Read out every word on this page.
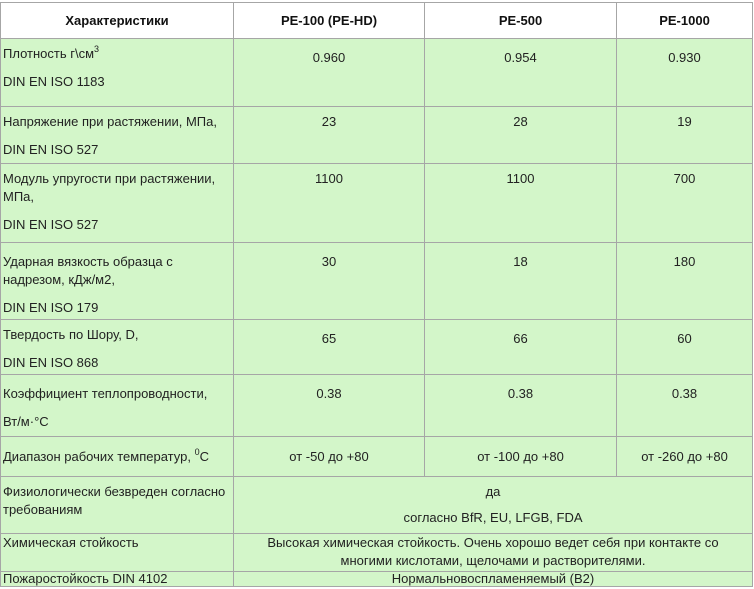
Характеристики	PE-100 (PE-HD)	PE-500	PE-1000

Плотность $г\backslash см^3$
DIN EN ISO 1183	0.960	0.954	0.930

Напряжение при растяжении, МПа,
DIN EN ISO 527	23	28	19

Модуль упругости при растяжении, МПа,
DIN EN ISO 527	1100	1100	700

Ударная вязкость образца с надрезом, кДж/м2,
DIN EN ISO 179	30	18	180

Твердость по Шору, D,
DIN EN ISO 868	65	66	60

Коэффициент теплопроводности,
Вт/м·°С	0.38	0.38	0.38

Диапазон рабочих температур, $^0$С	от -50 до +80	от -100 до +80	от -260 до +80

Физиологически безвреден согласно требованиям	да
согласно BfR, EU, LFGB, FDA		

Химическая стойкость	Высокая химическая стойкость. Очень хорошо ведет себя при контакте со многими кислотами, щелочами и растворителями.		
Пожаростойкость DIN 4102	Нормальновоспламеняемый (B2)		
